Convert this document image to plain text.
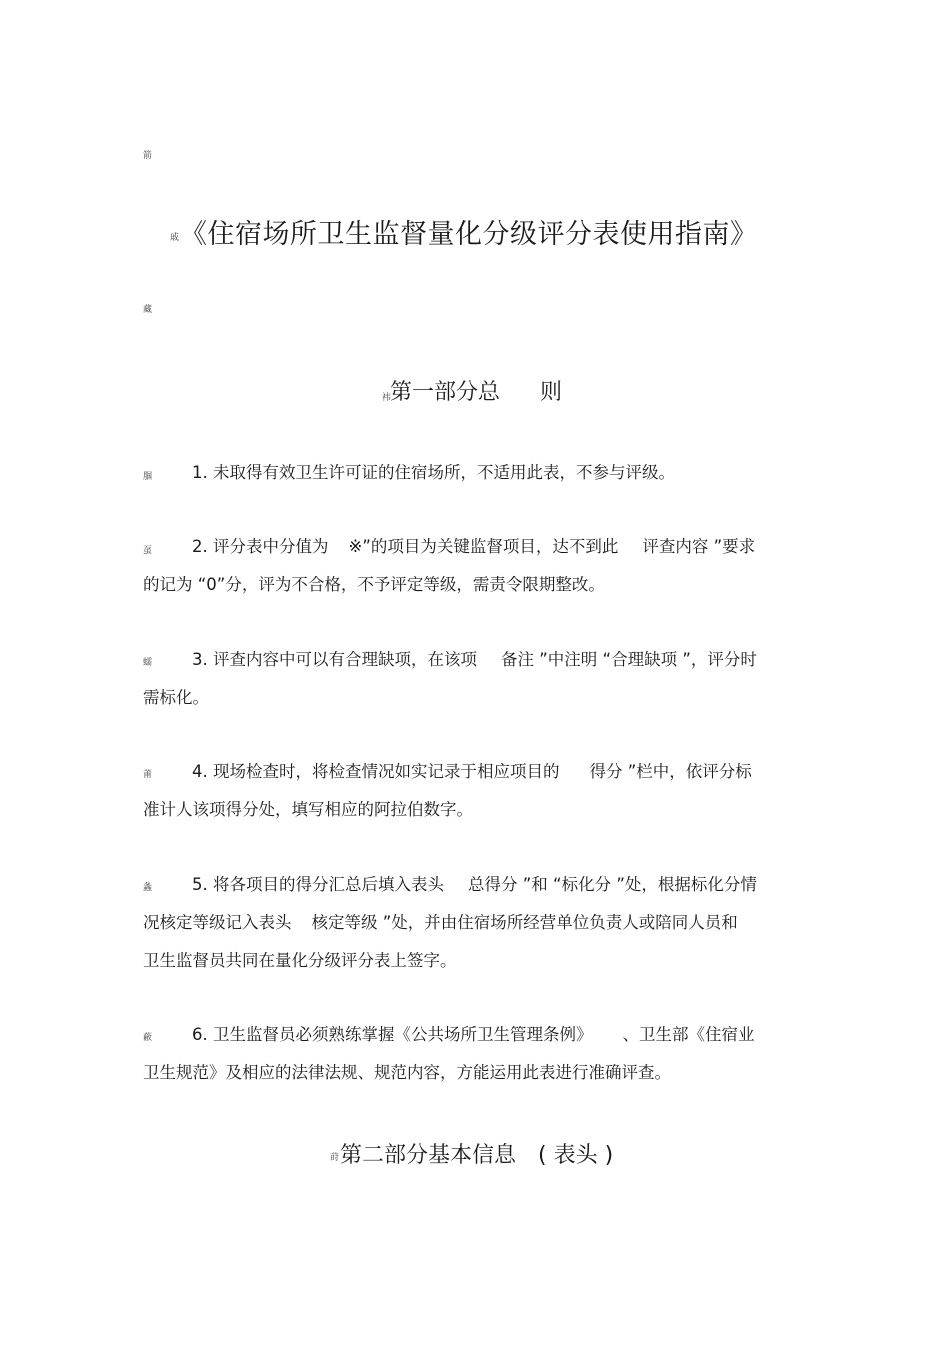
箭
戚
藏
袆
腘
虿
蠕
莆
螽
蔽
莳
《住宿场所卫生监督量化分级评分表使用指南》
第一部分总 则
1. 未取得有效卫生许可证的住宿场所，不适用此表，不参与评级。
2. 评分表中分值为 ※”的项目为关键监督项目，达不到此 评查内容 ”要求
的记为 “0”分，评为不合格，不予评定等级，需责令限期整改。
3. 评查内容中可以有合理缺项，在该项 备注 ”中注明 “合理缺项 ”，评分时
需标化。
4. 现场检查时，将检查情况如实记录于相应项目的 得分 ”栏中，依评分标
准计人该项得分处，填写相应的阿拉伯数字。
5. 将各项目的得分汇总后填入表头 总得分 ”和 “标化分 ”处，根据标化分情
况核定等级记入表头 核定等级 ”处，并由住宿场所经营单位负责人或陪同人员和
卫生监督员共同在量化分级评分表上签字。
6. 卫生监督员必须熟练掌握《公共场所卫生管理条例》 、卫生部《住宿业
卫生规范》及相应的法律法规、规范内容，方能运用此表进行准确评查。
第二部分基本信息 ( 表头 )
